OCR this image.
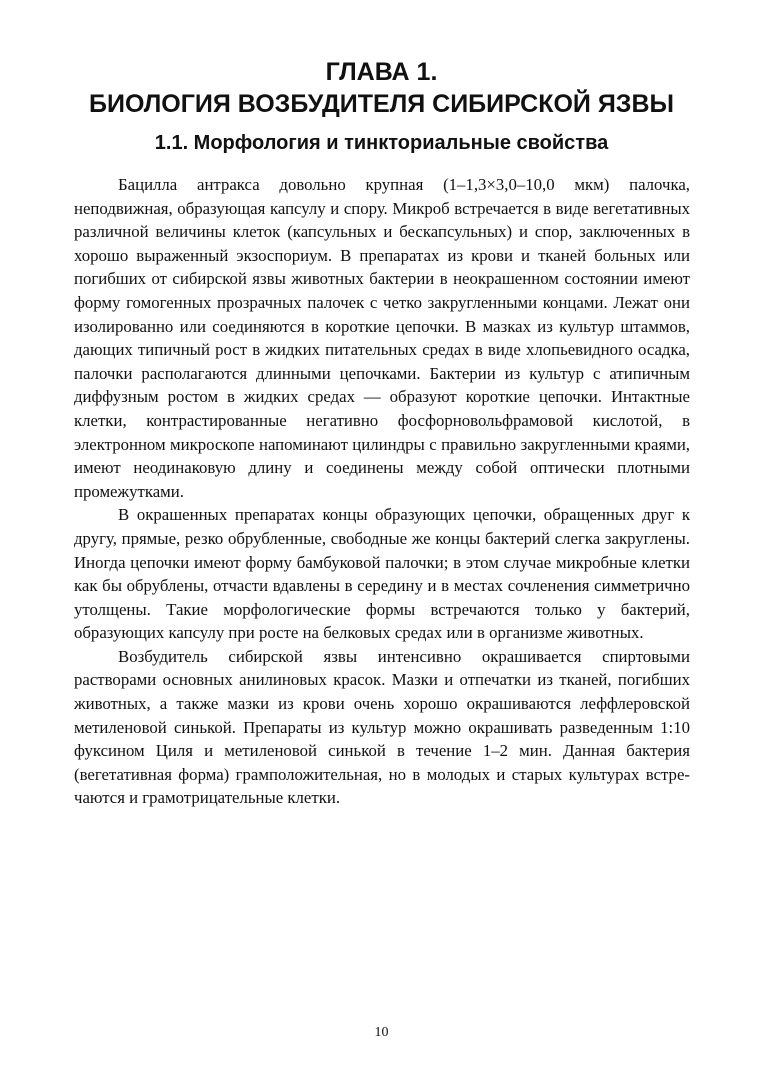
ГЛАВА 1.
БИОЛОГИЯ ВОЗБУДИТЕЛЯ СИБИРСКОЙ ЯЗВЫ
1.1. Морфология и тинкториальные свойства

Бацилла антракса довольно крупная (1–1,3×3,0–10,0 мкм) палочка, неподвижная, образующая капсулу и спору. Микроб встречается в виде вегетативных различной величины клеток (капсульных и бескапсульных) и спор, заключенных в хорошо выраженный экзоспориум. В препаратах из крови и тканей больных или погибших от сибирской язвы животных бактерии в неокрашенном состоянии имеют форму гомогенных прозрачных палочек с четко закругленными концами. Лежат они изолированно или соединяются в короткие цепочки. В мазках из культур штаммов, дающих типичный рост в жидких питательных средах в виде хлопьевидного осадка, палочки располагаются длинными цепочками. Бактерии из культур с атипичным диффузным ростом в жидких средах — образуют короткие цепочки. Интактные клетки, контрастированные негативно фосфорновольфрамовой кислотой, в электронном микроскопе напоминают цилиндры с правильно закругленными краями, имеют неодинаковую длину и соединены между собой оптически плотными промежутками.

В окрашенных препаратах концы образующих цепочки, обращенных друг к другу, прямые, резко обрубленные, свободные же концы бактерий слегка закруглены. Иногда цепочки имеют форму бамбуковой палочки; в этом случае микробные клетки как бы обрублены, отчасти вдавлены в середину и в местах сочленения симметрично утолщены. Такие морфологические формы встречаются только у бактерий, образующих капсулу при росте на белковых средах или в организме животных.

Возбудитель сибирской язвы интенсивно окрашивается спиртовыми растворами основных анилиновых красок. Мазки и отпечатки из тканей, погибших животных, а также мазки из крови очень хорошо окрашиваются леффлеровской метиленовой синькой. Препараты из культур можно окрашивать разведенным 1:10 фуксином Циля и метиленовой синькой в течение 1–2 мин. Данная бактерия (вегетативная форма) грамположительная, но в молодых и старых культурах встречаются и грамотрицательные клетки.

10
